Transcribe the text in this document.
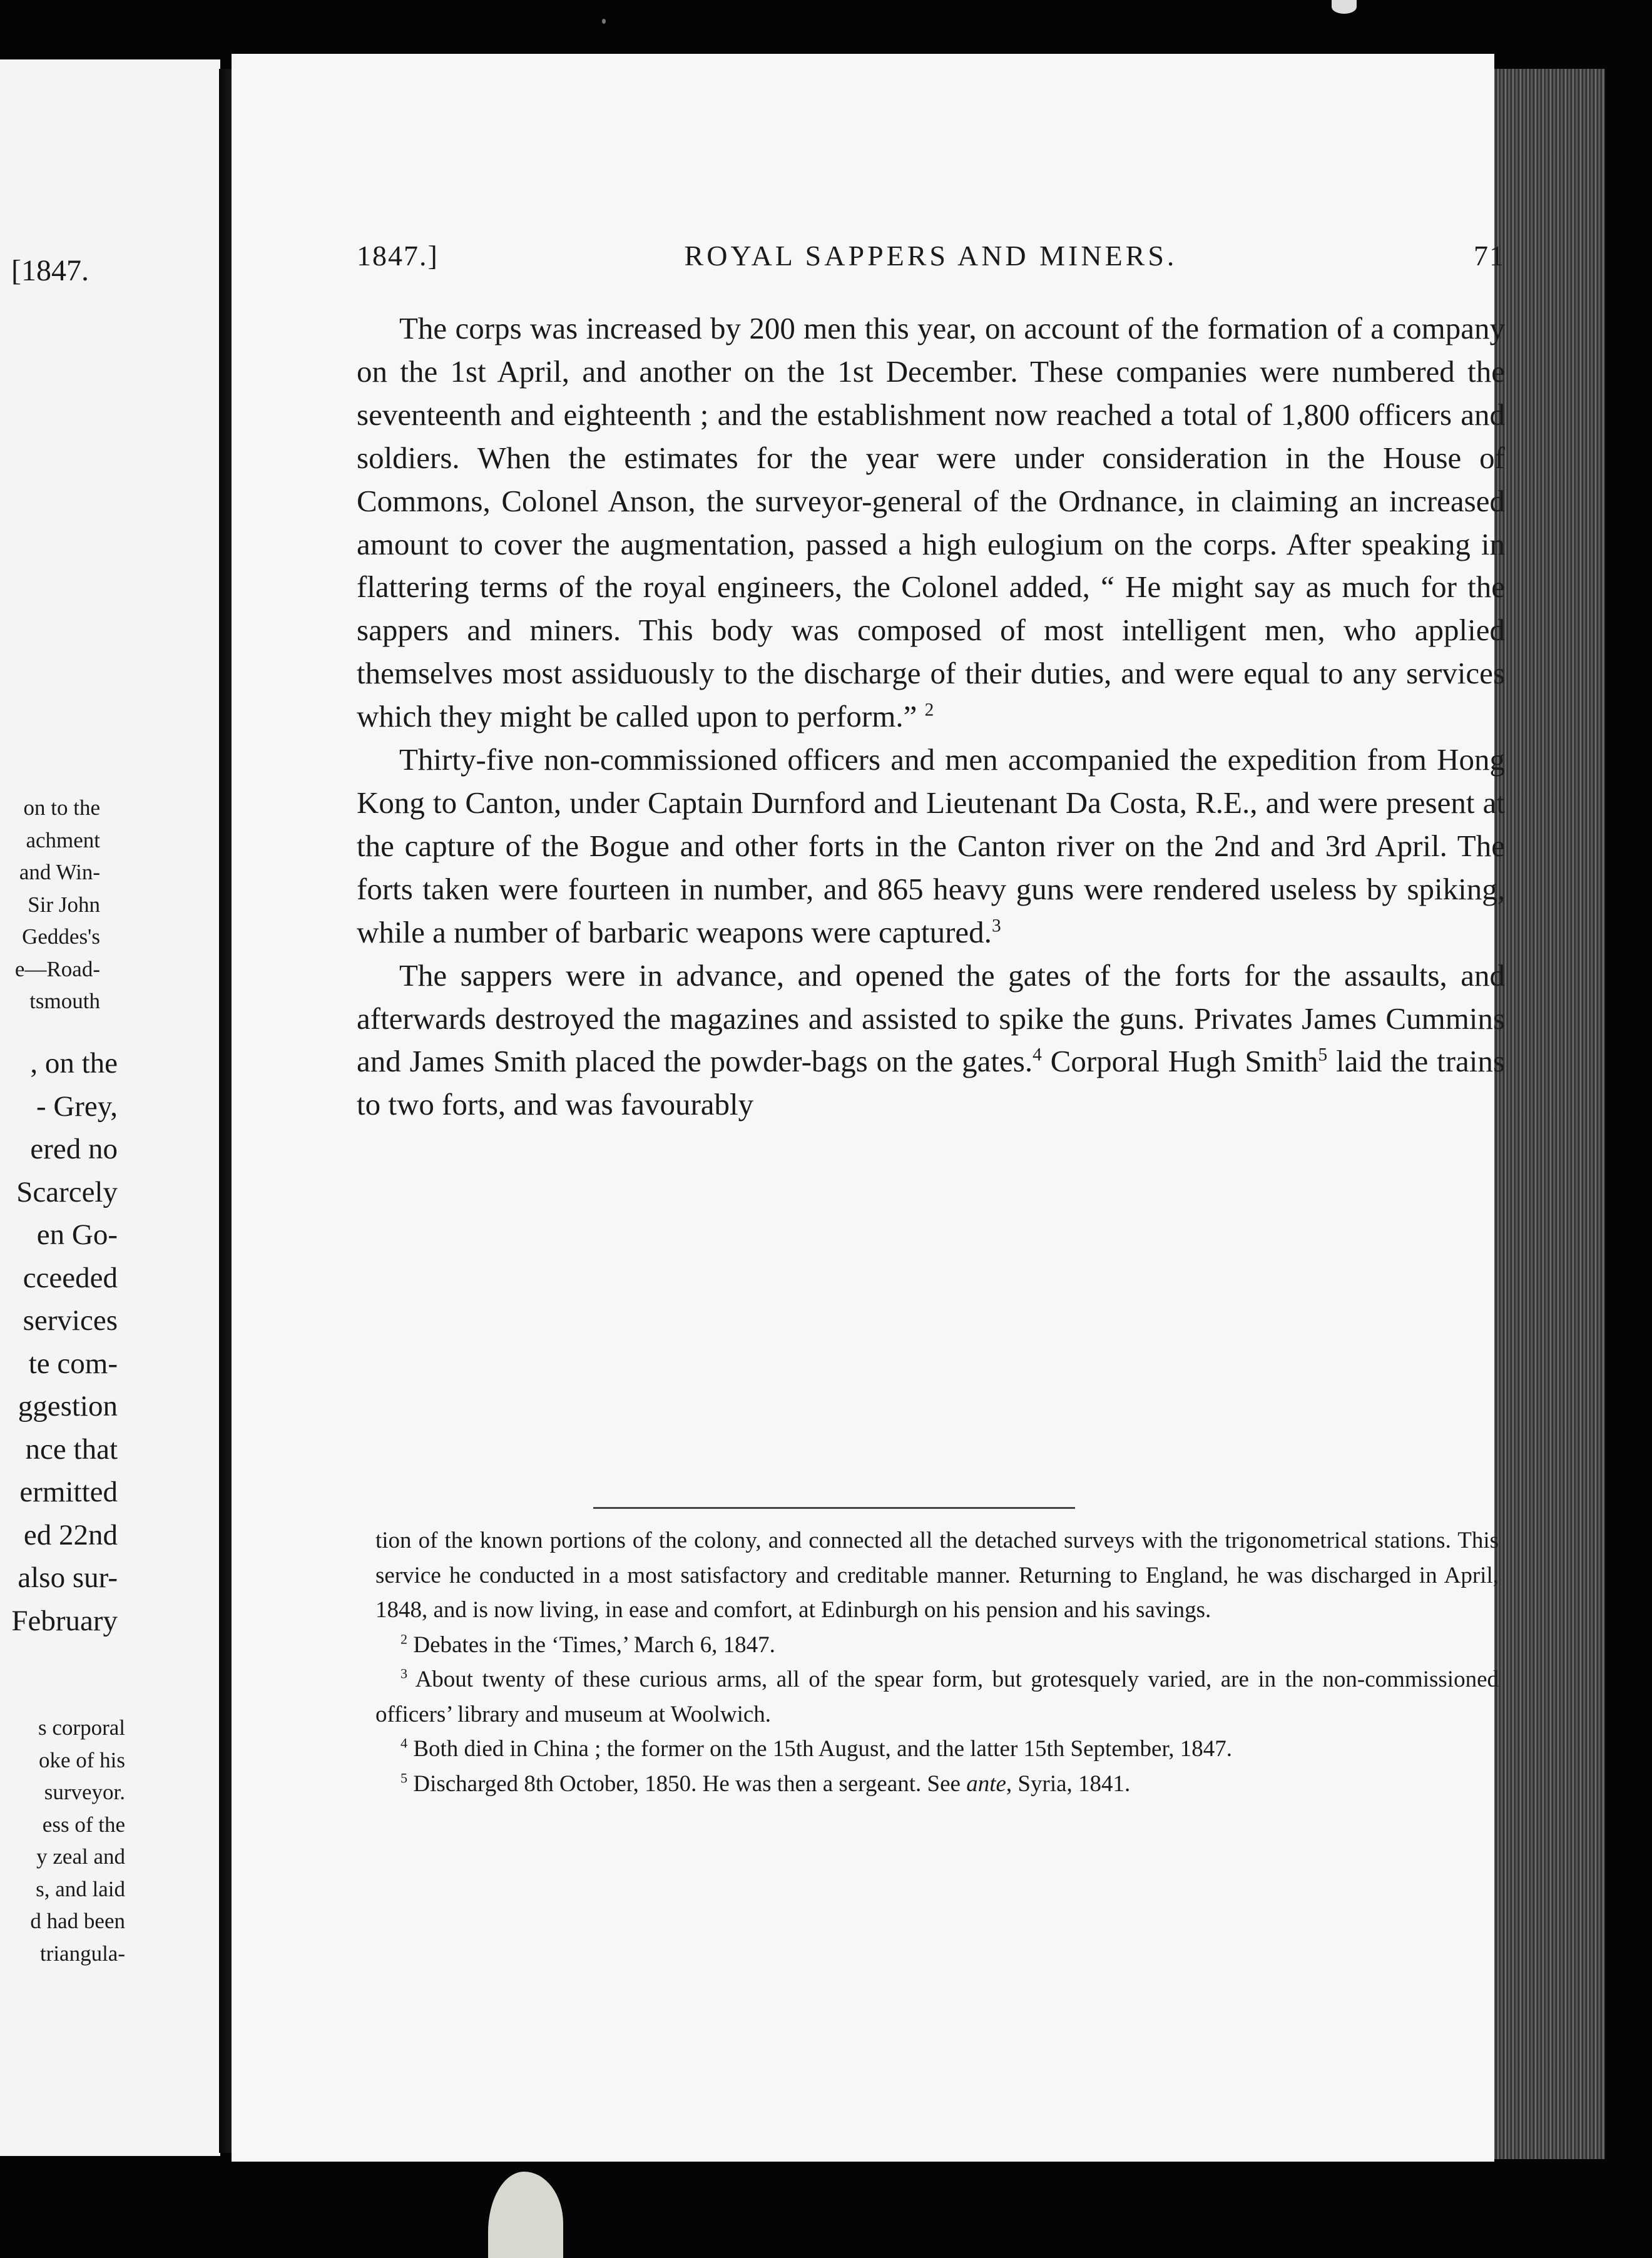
[1847.
on to the
achment
and Win-
Sir John
Geddes's
e—Road-
tsmouth
, on the
- Grey,
ered no
Scarcely
en Go-
cceeded
services
te com-
ggestion
nce that
ermitted
ed 22nd
also sur-
February
s corporal
oke of his
surveyor.
ess of the
y zeal and
s, and laid
d had been
triangula-
1847.]	ROYAL SAPPERS AND MINERS.	71

The corps was increased by 200 men this year, on account of the formation of a company on the 1st April, and another on the 1st December. These companies were numbered the seventeenth and eighteenth ; and the establishment now reached a total of 1,800 officers and soldiers. When the estimates for the year were under consideration in the House of Commons, Colonel Anson, the surveyor-general of the Ordnance, in claiming an increased amount to cover the augmentation, passed a high eulogium on the corps. After speaking in flattering terms of the royal engineers, the Colonel added, “ He might say as much for the sappers and miners. This body was composed of most intelligent men, who applied themselves most assiduously to the discharge of their duties, and were equal to any services which they might be called upon to perform.” $^2$

Thirty-five non-commissioned officers and men accompanied the expedition from Hong Kong to Canton, under Captain Durnford and Lieutenant Da Costa, R.E., and were present at the capture of the Bogue and other forts in the Canton river on the 2nd and 3rd April. The forts taken were fourteen in number, and 865 heavy guns were rendered useless by spiking, while a number of barbaric weapons were captured.$^3$

The sappers were in advance, and opened the gates of the forts for the assaults, and afterwards destroyed the magazines and assisted to spike the guns. Privates James Cummins and James Smith placed the powder-bags on the gates.$^4$ Corporal Hugh Smith$^5$ laid the trains to two forts, and was favourably

tion of the known portions of the colony, and connected all the detached surveys with the trigonometrical stations. This service he conducted in a most satisfactory and creditable manner. Returning to England, he was discharged in April, 1848, and is now living, in ease and comfort, at Edinburgh on his pension and his savings.

$^2$ Debates in the ‘Times,’ March 6, 1847.

$^3$ About twenty of these curious arms, all of the spear form, but grotesquely varied, are in the non-commissioned officers’ library and museum at Woolwich.

$^4$ Both died in China ; the former on the 15th August, and the latter 15th September, 1847.

$^5$ Discharged 8th October, 1850. He was then a sergeant. See ante, Syria, 1841.
